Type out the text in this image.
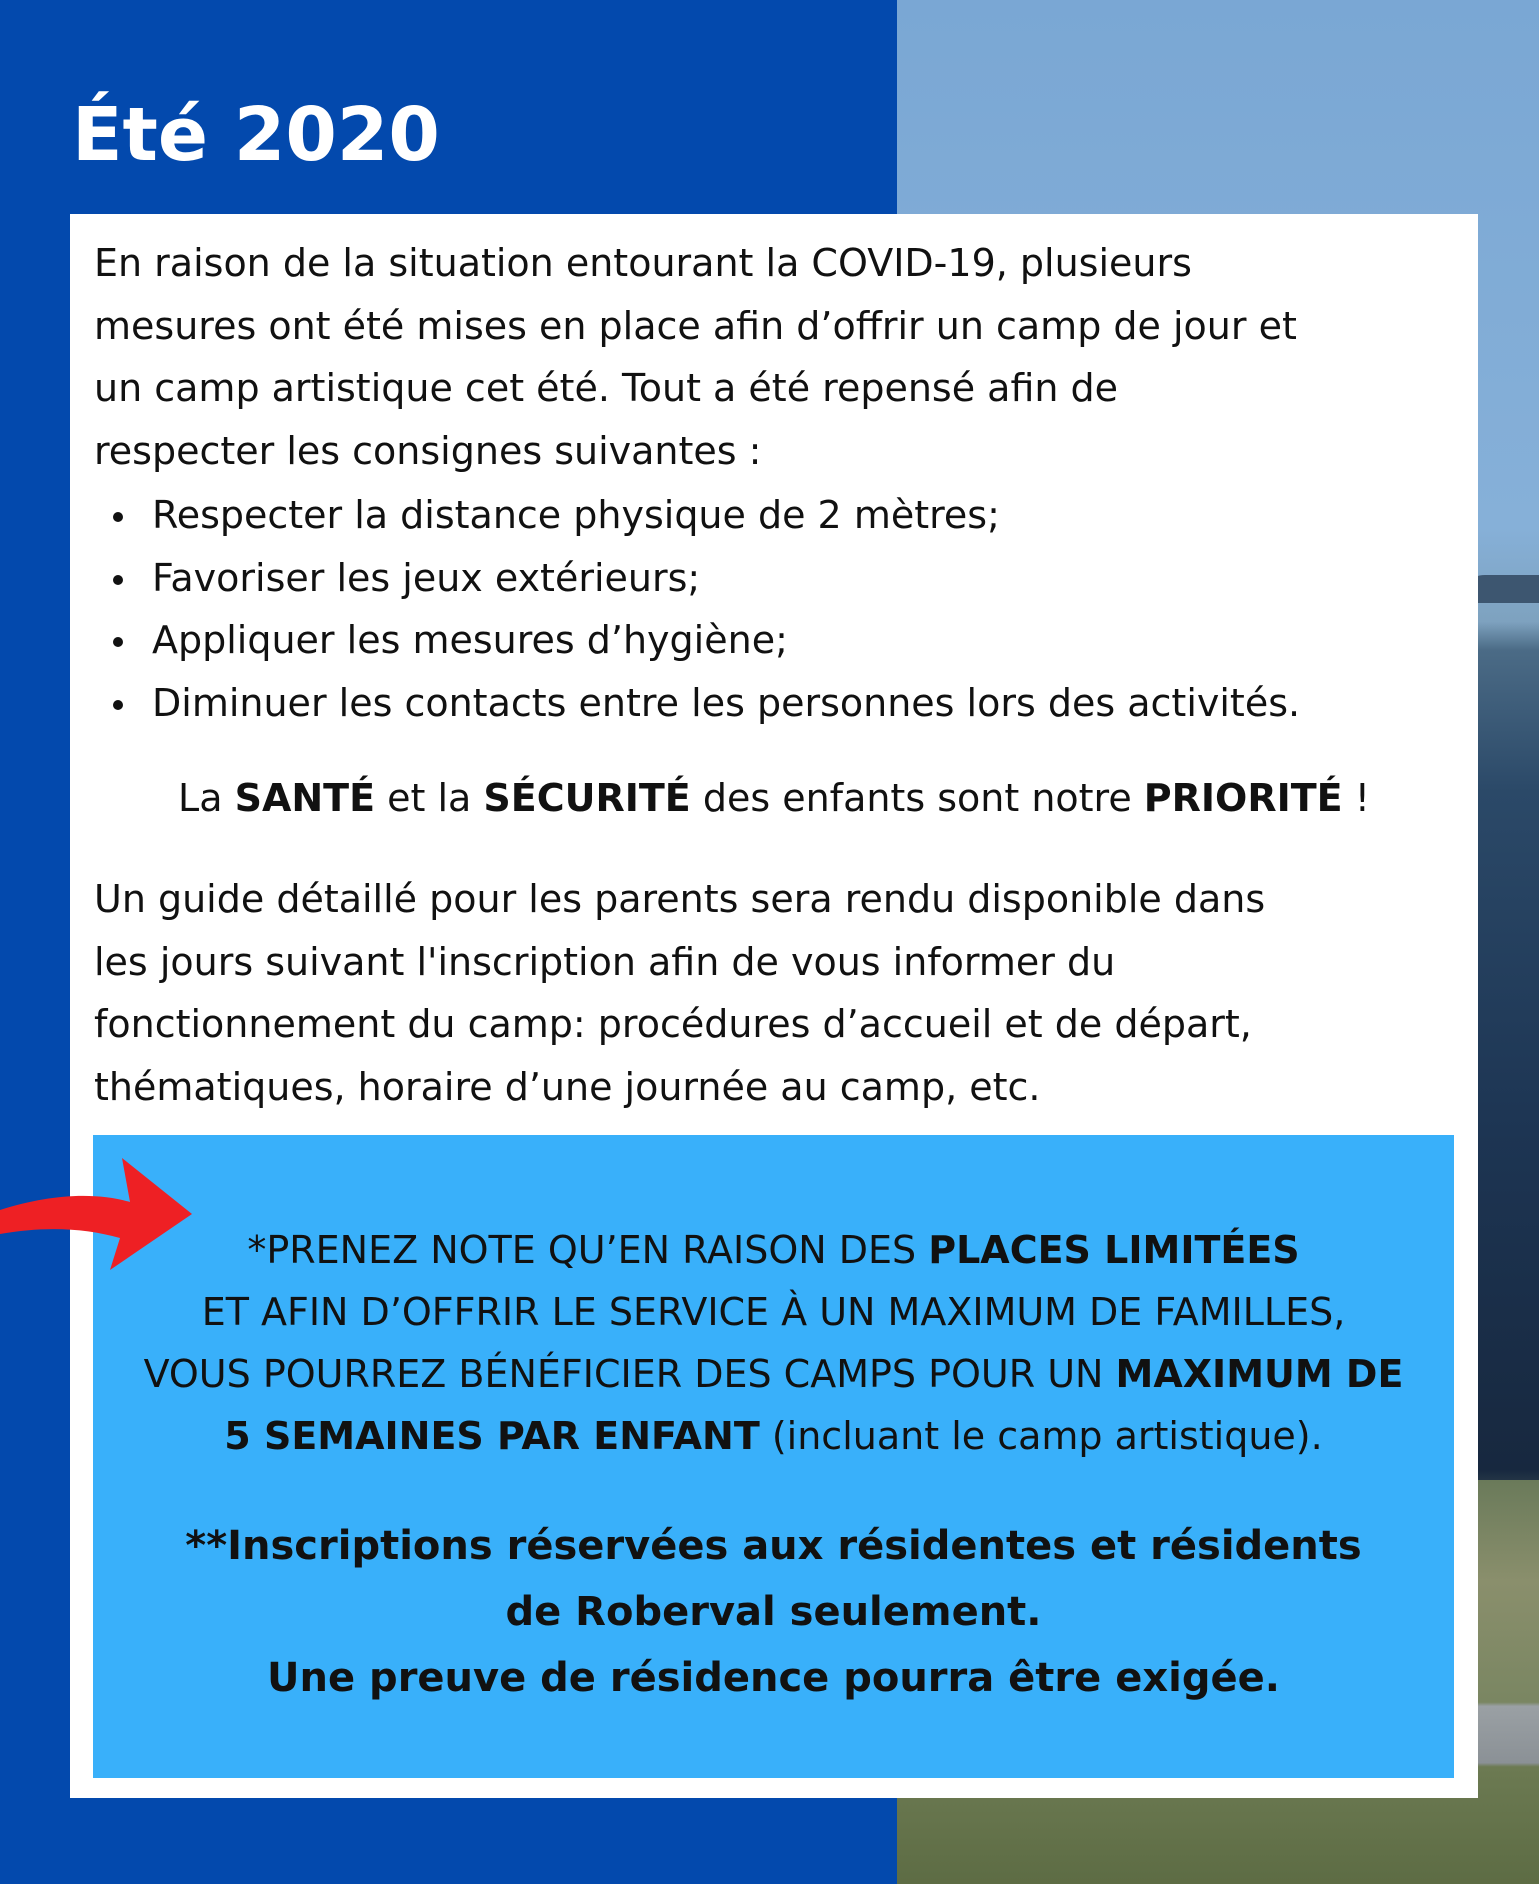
Été 2020

En raison de la situation entourant la COVID-19, plusieurs
mesures ont été mises en place afin d’offrir un camp de jour et
un camp artistique cet été. Tout a été repensé afin de
respecter les consignes suivantes :

Respecter la distance physique de 2 mètres;
Favoriser les jeux extérieurs;
Appliquer les mesures d’hygiène;
Diminuer les contacts entre les personnes lors des activités.

La SANTÉ et la SÉCURITÉ des enfants sont notre PRIORITÉ !

Un guide détaillé pour les parents sera rendu disponible dans
les jours suivant l'inscription afin de vous informer du
fonctionnement du camp: procédures d’accueil et de départ,
thématiques, horaire d’une journée au camp, etc.

*PRENEZ NOTE QU’EN RAISON DES PLACES LIMITÉES
ET AFIN D’OFFRIR LE SERVICE À UN MAXIMUM DE FAMILLES,
VOUS POURREZ BÉNÉFICIER DES CAMPS POUR UN MAXIMUM DE
5 SEMAINES PAR ENFANT (incluant le camp artistique).

**Inscriptions réservées aux résidentes et résidents
de Roberval seulement.
Une preuve de résidence pourra être exigée.
